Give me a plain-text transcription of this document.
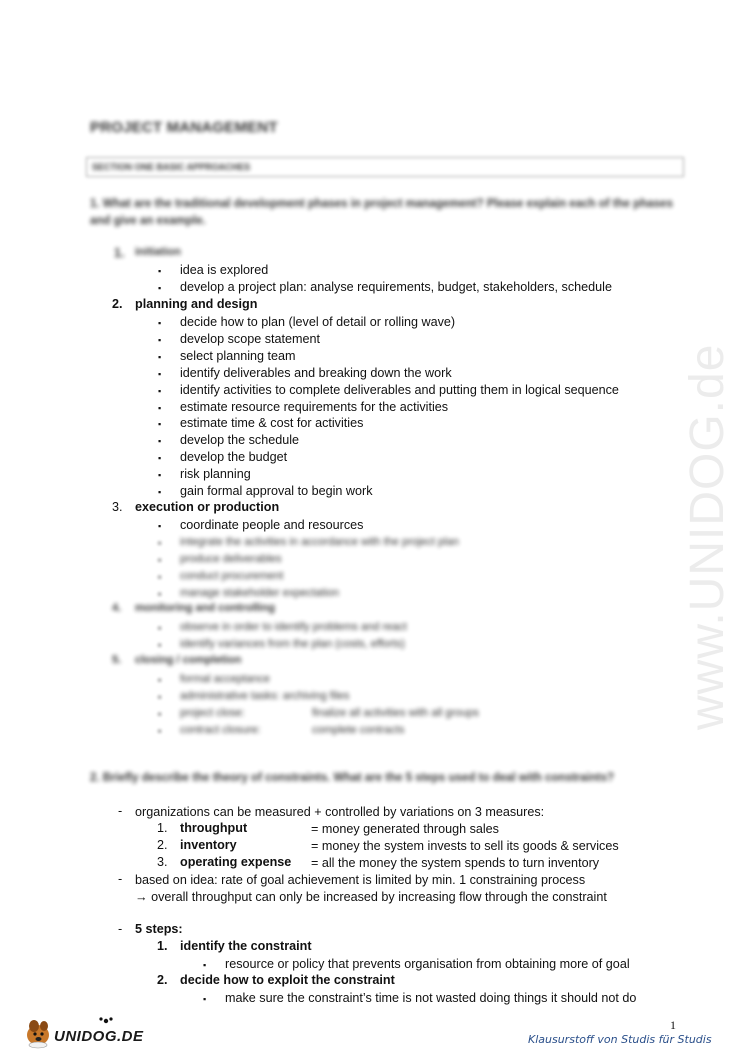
www.UNIDOG.de
PROJECT MANAGEMENT
SECTION ONE BASIC APPROACHES
1. What are the traditional development phases in project management? Please explain each of the phases and give an example.
1. initiation
▪ idea is explored
▪ develop a project plan: analyse requirements, budget, stakeholders, schedule
2. planning and design
▪ decide how to plan (level of detail or rolling wave)
▪ develop scope statement
▪ select planning team
▪ identify deliverables and breaking down the work
▪ identify activities to complete deliverables and putting them in logical sequence
▪ estimate resource requirements for the activities
▪ estimate time & cost for activities
▪ develop the schedule
▪ develop the budget
▪ risk planning
▪ gain formal approval to begin work
3. execution or production
▪ coordinate people and resources
▪ integrate the activities in accordance with the project plan
▪ produce deliverables
▪ conduct procurement
▪ manage stakeholder expectation
4. monitoring and controlling
▪ observe in order to identify problems and react
▪ identify variances from the plan (costs, efforts)
5. closing / completion
▪ formal acceptance
▪ administrative tasks: archiving files
▪ project close:	finalize all activities with all groups
▪ contract closure:	complete contracts
2. Briefly describe the theory of constraints. What are the 5 steps used to deal with constraints?
- organizations can be measured + controlled by variations on 3 measures:
1. throughput	= money generated through sales
2. inventory	= money the system invests to sell its goods & services
3. operating expense = all the money the system spends to turn inventory
- based on idea: rate of goal achievement is limited by min. 1 constraining process
→ overall throughput can only be increased by increasing flow through the constraint
- 5 steps:
1. identify the constraint
▪ resource or policy that prevents organisation from obtaining more of goal
2. decide how to exploit the constraint
▪ make sure the constraint’s time is not wasted doing things it should not do
UNIDOG.DE
1
Klausurstoff von Studis für Studis
